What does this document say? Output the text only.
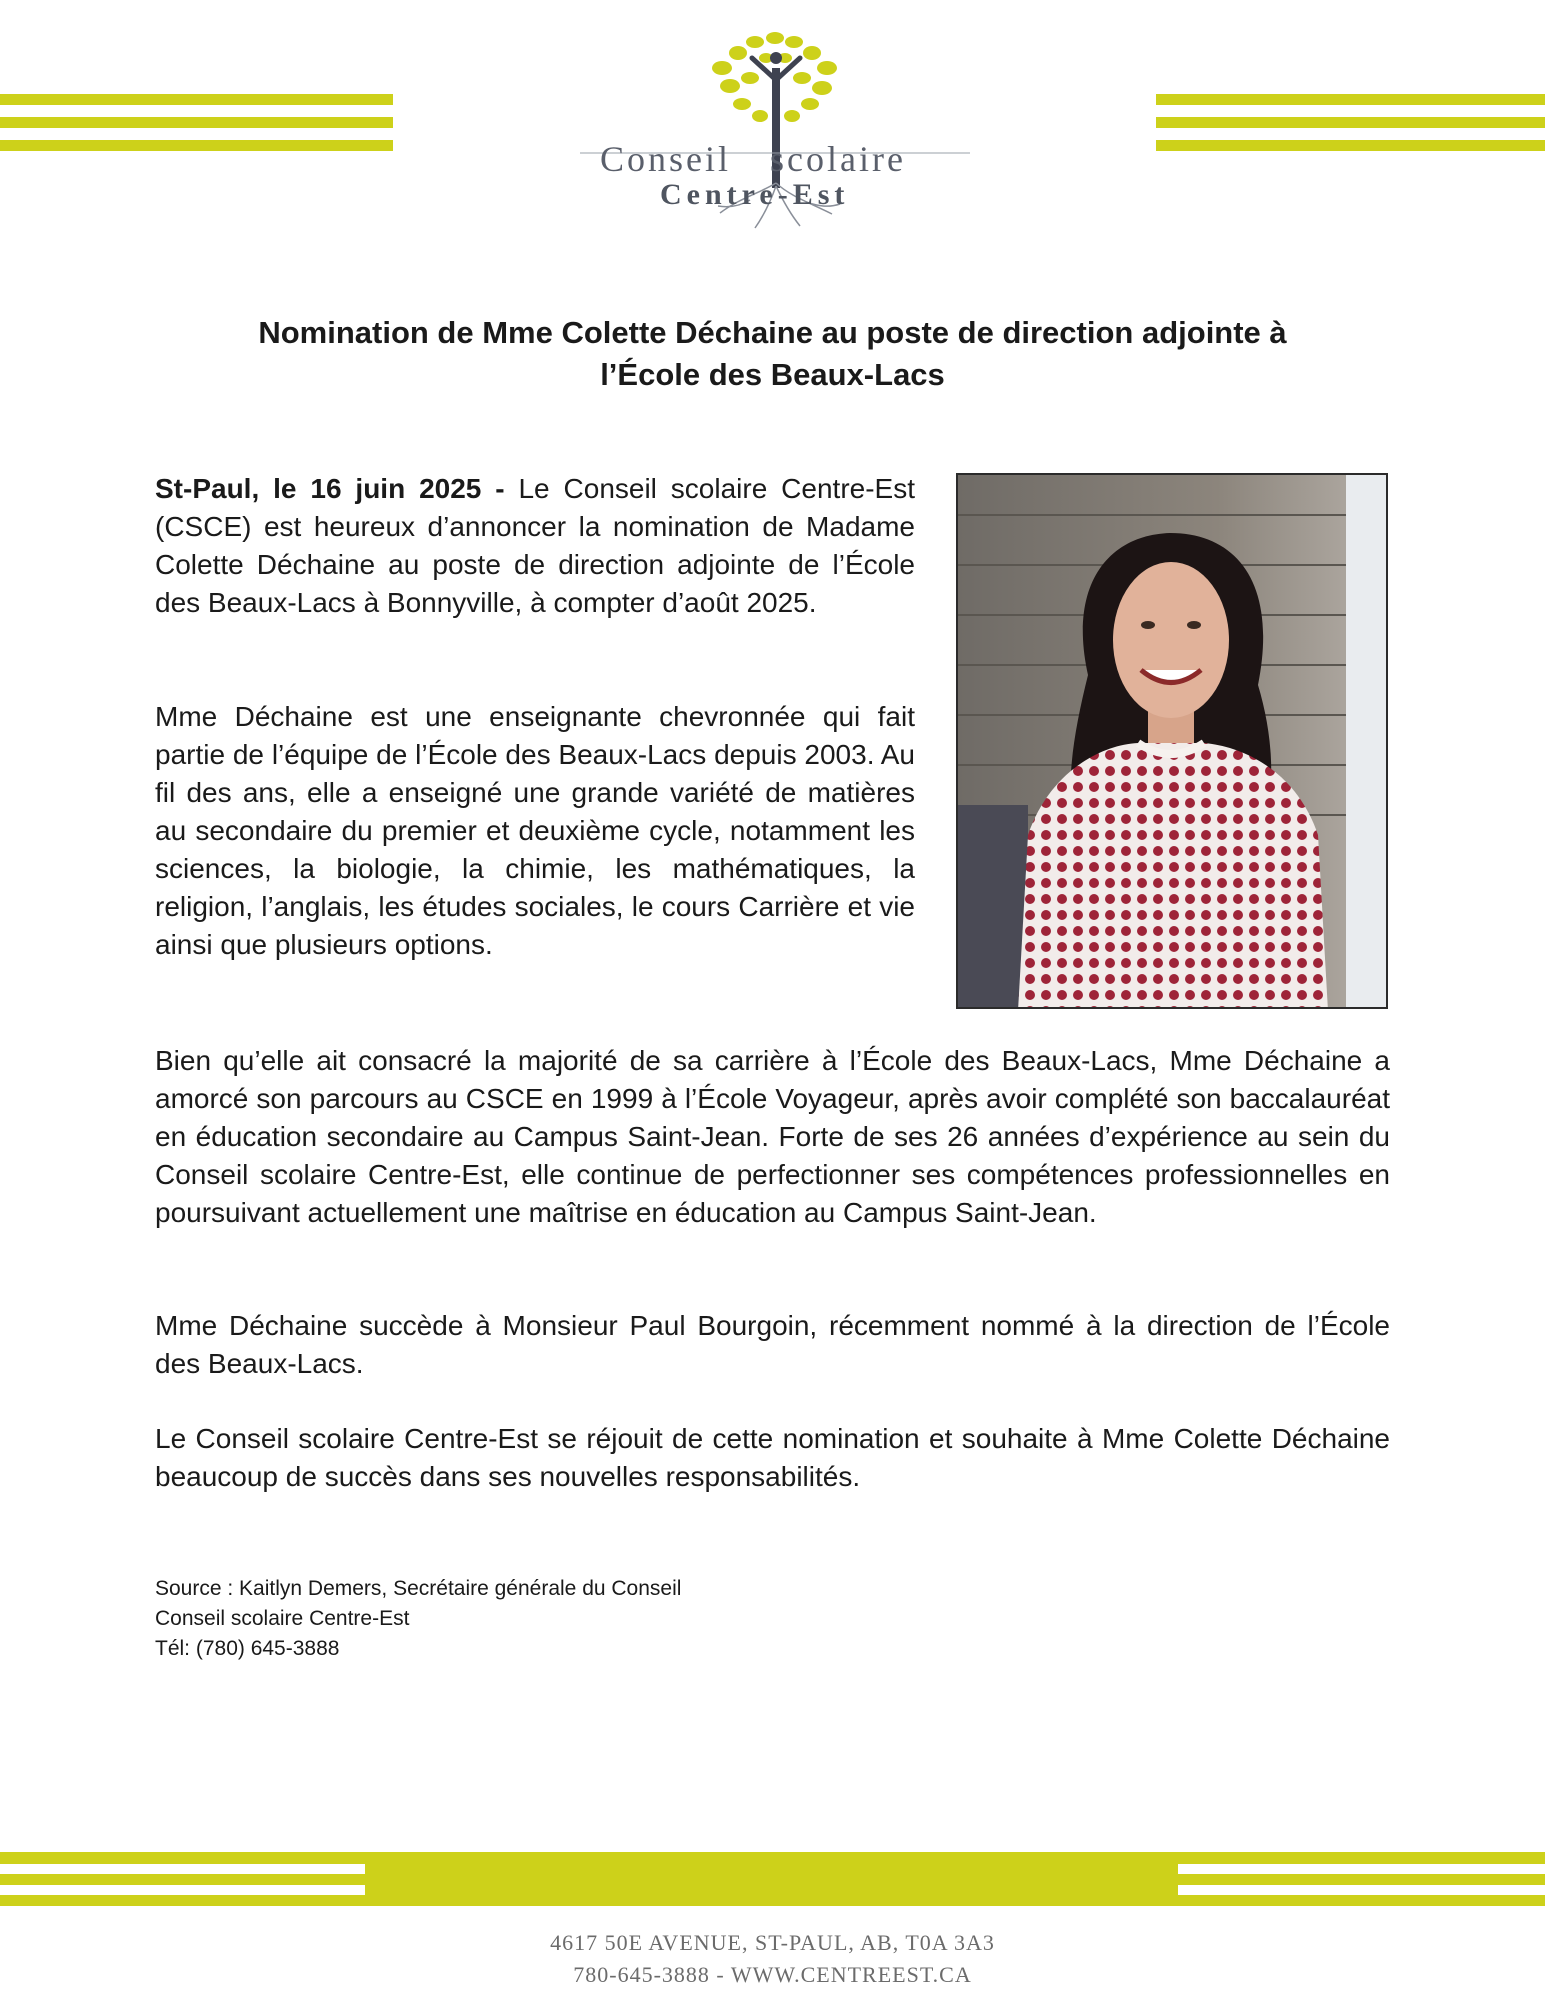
Conseil scolaire
Centre-Est
Nomination de Mme Colette Déchaine au poste de direction adjointe à
l’École des Beaux-Lacs
St-Paul, le 16 juin 2025 - Le Conseil scolaire Centre-Est (CSCE) est heureux d’annoncer la nomination de Madame Colette Déchaine au poste de direction adjointe de l’École des Beaux-Lacs à Bonnyville, à compter d’août 2025.
Mme Déchaine est une enseignante chevronnée qui fait partie de l’équipe de l’École des Beaux-Lacs depuis 2003. Au fil des ans, elle a enseigné une grande variété de matières au secondaire du premier et deuxième cycle, notamment les sciences, la biologie, la chimie, les mathématiques, la religion, l’anglais, les études sociales, le cours Carrière et vie ainsi que plusieurs options.
Bien qu’elle ait consacré la majorité de sa carrière à l’École des Beaux-Lacs, Mme Déchaine a amorcé son parcours au CSCE en 1999 à l’École Voyageur, après avoir complété son baccalauréat en éducation secondaire au Campus Saint-Jean. Forte de ses 26 années d’expérience au sein du Conseil scolaire Centre-Est, elle continue de perfectionner ses compétences professionnelles en poursuivant actuellement une maîtrise en éducation au Campus Saint-Jean.
Mme Déchaine succède à Monsieur Paul Bourgoin, récemment nommé à la direction de l’École des Beaux-Lacs.
Le Conseil scolaire Centre-Est se réjouit de cette nomination et souhaite à Mme Colette Déchaine beaucoup de succès dans ses nouvelles responsabilités.
Source : Kaitlyn Demers, Secrétaire générale du Conseil
Conseil scolaire Centre-Est
Tél: (780) 645-3888
4617 50E AVENUE, ST-PAUL, AB, T0A 3A3
780-645-3888 - WWW.CENTREEST.CA
